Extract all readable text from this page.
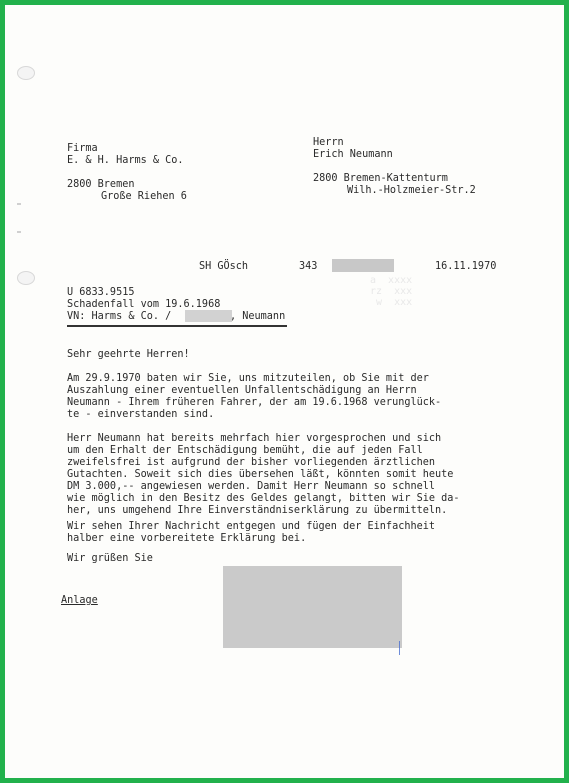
a  xxxx
rz  xxx
w  xxx
Firma
E. & H. Harms & Co.
2800 Bremen
Große Riehen 6
Herrn
Erich Neumann
2800 Bremen-Kattenturm
Wilh.-Holzmeier-Str.2
SH GÖsch	343	16.11.1970
U 6833.9515
Schadenfall vom 19.6.1968
VN: Harms & Co. /	, Neumann
Sehr geehrte Herren!
Am 29.9.1970 baten wir Sie, uns mitzuteilen, ob Sie mit der
Auszahlung einer eventuellen Unfallentschädigung an Herrn
Neumann - Ihrem früheren Fahrer, der am 19.6.1968 verunglück-
te - einverstanden sind.
Herr Neumann hat bereits mehrfach hier vorgesprochen und sich
um den Erhalt der Entschädigung bemüht, die auf jeden Fall
zweifelsfrei ist aufgrund der bisher vorliegenden ärztlichen
Gutachten. Soweit sich dies übersehen läßt, könnten somit heute
DM 3.000,-- angewiesen werden. Damit Herr Neumann so schnell
wie möglich in den Besitz des Geldes gelangt, bitten wir Sie da-
her, uns umgehend Ihre Einverständniserklärung zu übermitteln.
Wir sehen Ihrer Nachricht entgegen und fügen der Einfachheit
halber eine vorbereitete Erklärung bei.
Wir grüßen Sie
Anlage
